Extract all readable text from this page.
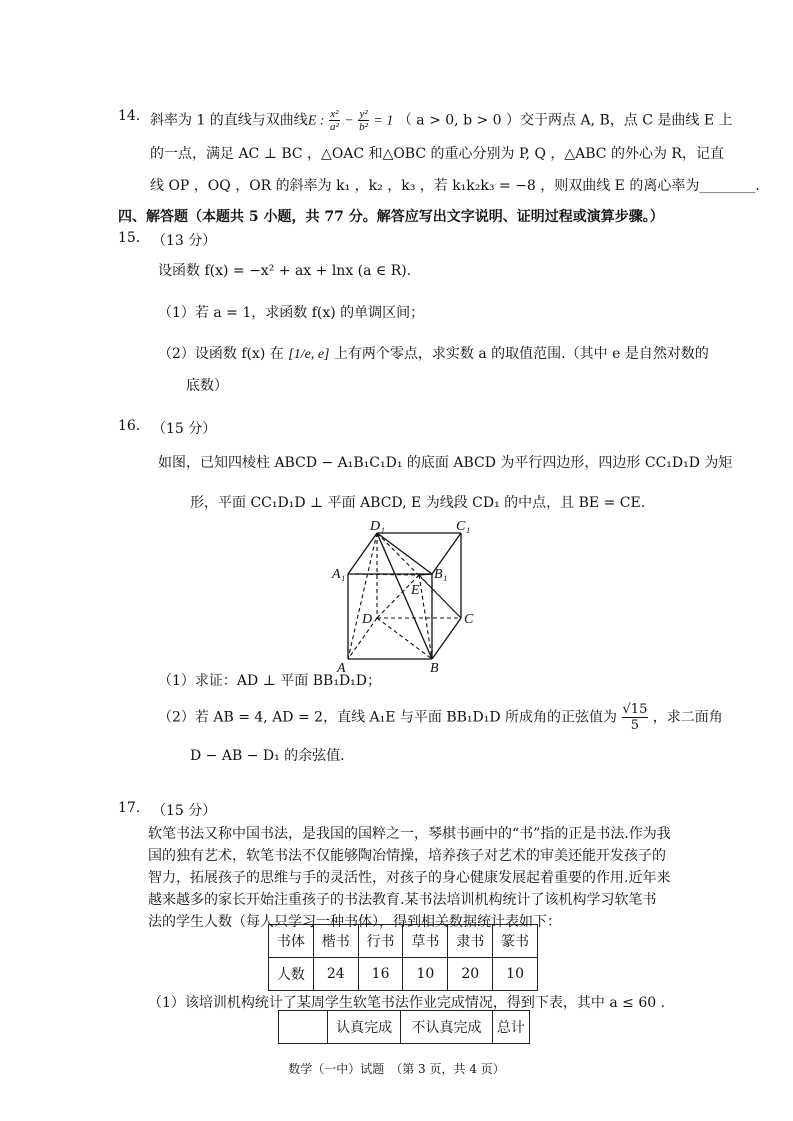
14. 斜率为 1 的直线与双曲线E : $\frac{\text{x²}}{\text{a²}} - \frac{\text{y²}}{\text{b²}} = 1$ （ a > 0, b > 0 ）交于两点 A, B，点 C 是曲线 E 上
的一点，满足 AC ⊥ BC ，△OAC 和△OBC 的重心分别为 P, Q ，△ABC 的外心为 R，记直
线 OP ，OQ ，OR 的斜率为 k₁ ，k₂ ，k₃ ，若 k₁k₂k₃ = −8 ，则双曲线 E 的离心率为________.
四、解答题（本题共 5 小题，共 77 分。解答应写出文字说明、证明过程或演算步骤。）
15. （13 分）
设函数 f(x) = −x² + ax + lnx (a ∈ R).
（1）若 a = 1，求函数 f(x) 的单调区间；
（2）设函数 f(x) 在 [1/e, e] 上有两个零点，求实数 a 的取值范围.（其中 e 是自然对数的
底数）
16. （15 分）
如图，已知四棱柱 ABCD − A₁B₁C₁D₁ 的底面 ABCD 为平行四边形，四边形 CC₁D₁D 为矩
形，平面 CC₁D₁D ⊥ 平面 ABCD, E 为线段 CD₁ 的中点，且 BE = CE.
D₁	C₁
A₁	B₁
E
D	C
A	B
（1）求证：AD ⊥ 平面 BB₁D₁D；
（2）若 AB = 4, AD = 2，直线 A₁E 与平面 BB₁D₁D 所成角的正弦值为 $\frac{√15}{5}$ ，求二面角
D − AB − D₁ 的余弦值.
17. （15 分）
软笔书法又称中国书法，是我国的国粹之一，琴棋书画中的“书”指的正是书法.作为我
国的独有艺术，软笔书法不仅能够陶冶情操，培养孩子对艺术的审美还能开发孩子的
智力，拓展孩子的思维与手的灵活性，对孩子的身心健康发展起着重要的作用.近年来
越来越多的家长开始注重孩子的书法教育.某书法培训机构统计了该机构学习软笔书
法的学生人数（每人只学习一种书体），得到相关数据统计表如下：
书体	楷书	行书	草书	隶书	篆书
人数	24	16	10	20	10
（1）该培训机构统计了某周学生软笔书法作业完成情况，得到下表，其中 a ≤ 60 .
	认真完成	不认真完成	总计
数学（一中）试题　（第 3 页，共 4 页）
